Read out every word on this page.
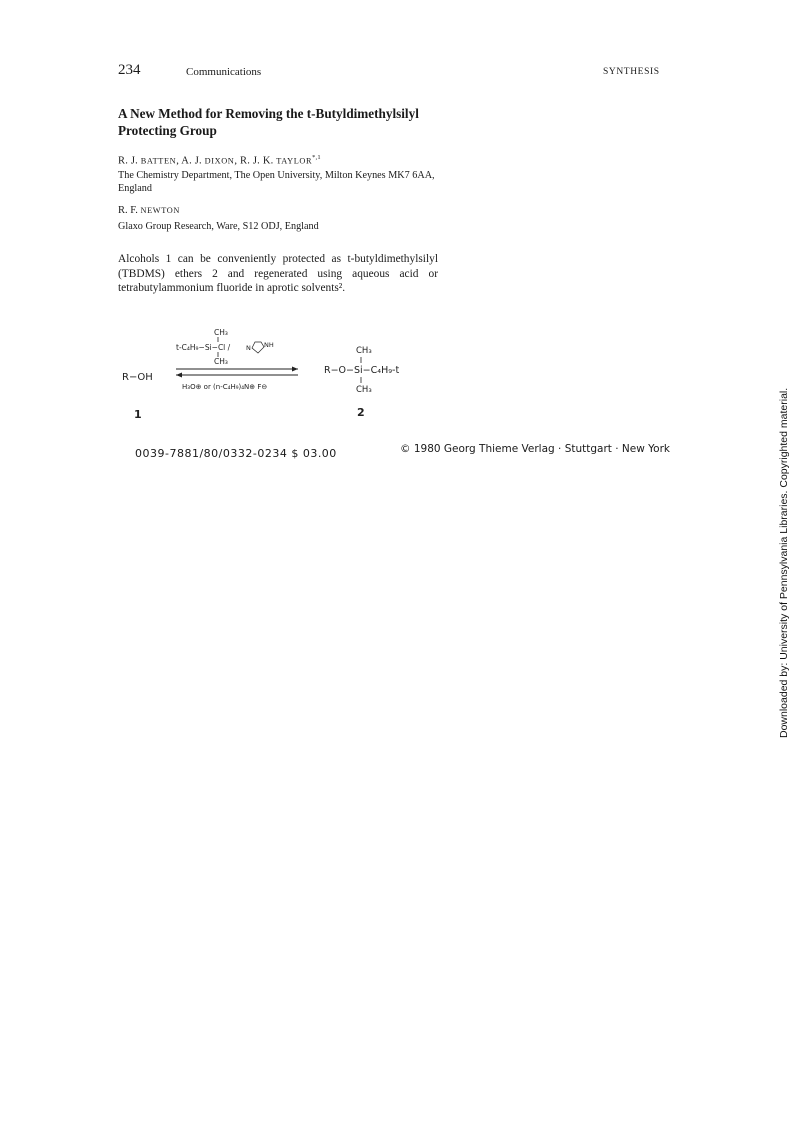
234	Communications	SYNTHESIS
A New Method for Removing the t-Butyldimethylsilyl Protecting Group
R. J. BATTEN, A. J. DIXON, R. J. K. $TAYLOR^{*,1}$
The Chemistry Department, The Open University, Milton Keynes MK7 6AA, England
R. F. NEWTON
Glaxo Group Research, Ware, S12 ODJ, England
Alcohols 1 can be conveniently protected as t-butyldimethylsilyl (TBDMS) ethers 2 and regenerated using aqueous acid or tetrabutylammonium fluoride in aprotic solvents².
CH₃
t-C₄H₉−Si−Cl / N NH
CH₃
R−OH
1
H₃O⊕ or (n-C₄H₉)₄N⊕ F⊖
CH₃
R−O−Si−C₄H₉-t
CH₃
2
0039-7881/80/0332-0234 $ 03.00	© 1980 Georg Thieme Verlag · Stuttgart · New York	Downloaded by: University of Pennsylvania Libraries. Copyrighted material.
